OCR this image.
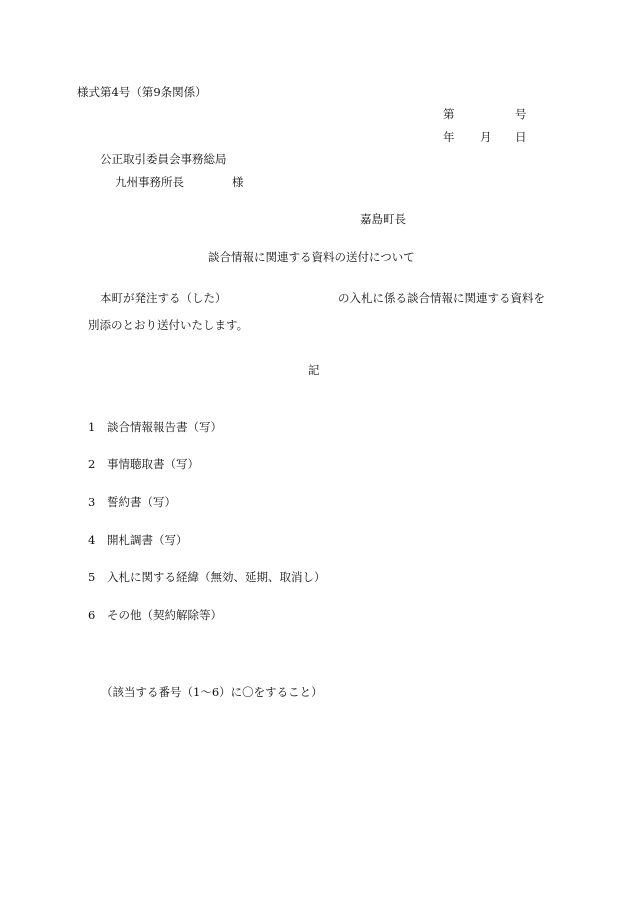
様式第4号（第9条関係）
第	号
年 月 日
公正取引委員会事務総局
九州事務所長	様
嘉島町長
談合情報に関連する資料の送付について
本町が発注する（した）	の入札に係る談合情報に関連する資料を
別添のとおり送付いたします。
記
1 談合情報報告書（写）
2 事情聴取書（写）
3 誓約書（写）
4 開札調書（写）
5 入札に関する経緯（無効、延期、取消し）
6 その他（契約解除等）
（該当する番号（1〜6）に〇をすること）
